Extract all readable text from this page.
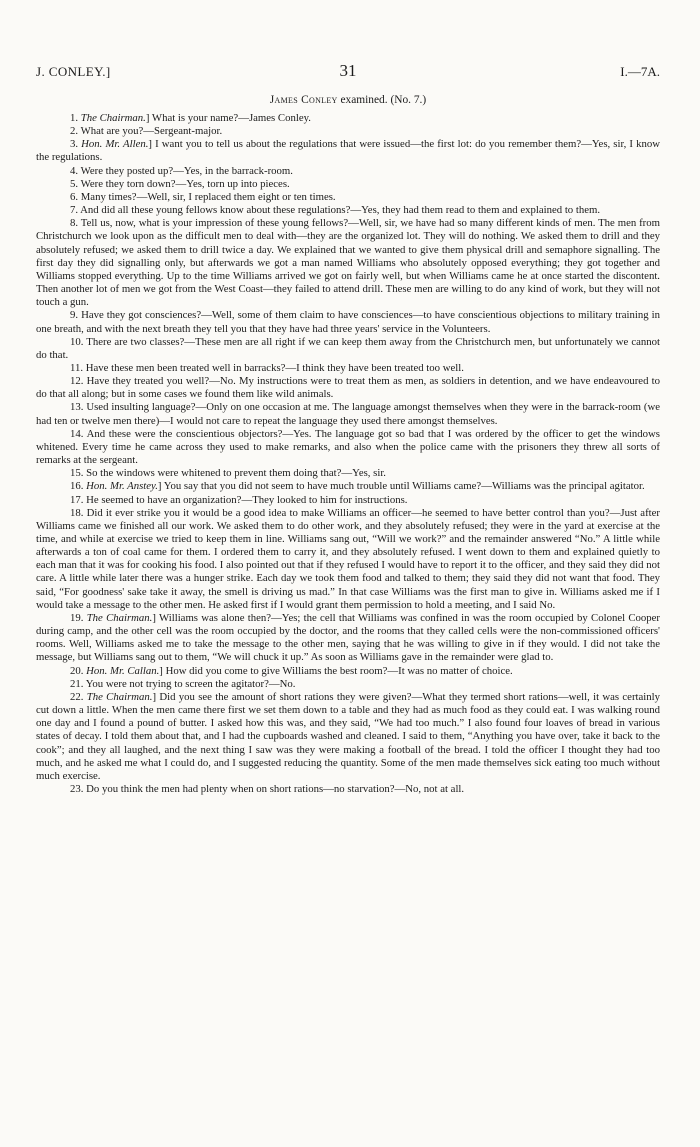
J. CONLEY.]	31	I.—7A.
James Conley examined. (No. 7.)

1. The Chairman.] What is your name?—James Conley.

2. What are you?—Sergeant-major.

3. Hon. Mr. Allen.] I want you to tell us about the regulations that were issued—the first lot: do you remember them?—Yes, sir, I know the regulations.

4. Were they posted up?—Yes, in the barrack-room.

5. Were they torn down?—Yes, torn up into pieces.

6. Many times?—Well, sir, I replaced them eight or ten times.

7. And did all these young fellows know about these regulations?—Yes, they had them read to them and explained to them.

8. Tell us, now, what is your impression of these young fellows?—Well, sir, we have had so many different kinds of men. The men from Christchurch we look upon as the difficult men to deal with—they are the organized lot. They will do nothing. We asked them to drill and they absolutely refused; we asked them to drill twice a day. We explained that we wanted to give them physical drill and semaphore signalling. The first day they did signalling only, but afterwards we got a man named Williams who absolutely opposed everything; they got together and Williams stopped everything. Up to the time Williams arrived we got on fairly well, but when Williams came he at once started the discontent. Then another lot of men we got from the West Coast—they failed to attend drill. These men are willing to do any kind of work, but they will not touch a gun.

9. Have they got consciences?—Well, some of them claim to have consciences—to have conscientious objections to military training in one breath, and with the next breath they tell you that they have had three years' service in the Volunteers.

10. There are two classes?—These men are all right if we can keep them away from the Christchurch men, but unfortunately we cannot do that.

11. Have these men been treated well in barracks?—I think they have been treated too well.

12. Have they treated you well?—No. My instructions were to treat them as men, as soldiers in detention, and we have endeavoured to do that all along; but in some cases we found them like wild animals.

13. Used insulting language?—Only on one occasion at me. The language amongst themselves when they were in the barrack-room (we had ten or twelve men there)—I would not care to repeat the language they used there amongst themselves.

14. And these were the conscientious objectors?—Yes. The language got so bad that I was ordered by the officer to get the windows whitened. Every time he came across they used to make remarks, and also when the police came with the prisoners they threw all sorts of remarks at the sergeant.

15. So the windows were whitened to prevent them doing that?—Yes, sir.

16. Hon. Mr. Anstey.] You say that you did not seem to have much trouble until Williams came?—Williams was the principal agitator.

17. He seemed to have an organization?—They looked to him for instructions.

18. Did it ever strike you it would be a good idea to make Williams an officer—he seemed to have better control than you?—Just after Williams came we finished all our work. We asked them to do other work, and they absolutely refused; they were in the yard at exercise at the time, and while at exercise we tried to keep them in line. Williams sang out, “Will we work?” and the remainder answered “No.” A little while afterwards a ton of coal came for them. I ordered them to carry it, and they absolutely refused. I went down to them and explained quietly to each man that it was for cooking his food. I also pointed out that if they refused I would have to report it to the officer, and they said they did not care. A little while later there was a hunger strike. Each day we took them food and talked to them; they said they did not want that food. They said, “For goodness' sake take it away, the smell is driving us mad.” In that case Williams was the first man to give in. Williams asked me if I would take a message to the other men. He asked first if I would grant them permission to hold a meeting, and I said No.

19. The Chairman.] Williams was alone then?—Yes; the cell that Williams was confined in was the room occupied by Colonel Cooper during camp, and the other cell was the room occupied by the doctor, and the rooms that they called cells were the non-commissioned officers' rooms. Well, Williams asked me to take the message to the other men, saying that he was willing to give in if they would. I did not take the message, but Williams sang out to them, “We will chuck it up.” As soon as Williams gave in the remainder were glad to.

20. Hon. Mr. Callan.] How did you come to give Williams the best room?—It was no matter of choice.

21. You were not trying to screen the agitator?—No.

22. The Chairman.] Did you see the amount of short rations they were given?—What they termed short rations—well, it was certainly cut down a little. When the men came there first we set them down to a table and they had as much food as they could eat. I was walking round one day and I found a pound of butter. I asked how this was, and they said, “We had too much.” I also found four loaves of bread in various states of decay. I told them about that, and I had the cupboards washed and cleaned. I said to them, “Anything you have over, take it back to the cook”; and they all laughed, and the next thing I saw was they were making a football of the bread. I told the officer I thought they had too much, and he asked me what I could do, and I suggested reducing the quantity. Some of the men made themselves sick eating too much without much exercise.

23. Do you think the men had plenty when on short rations—no starvation?—No, not at all.
